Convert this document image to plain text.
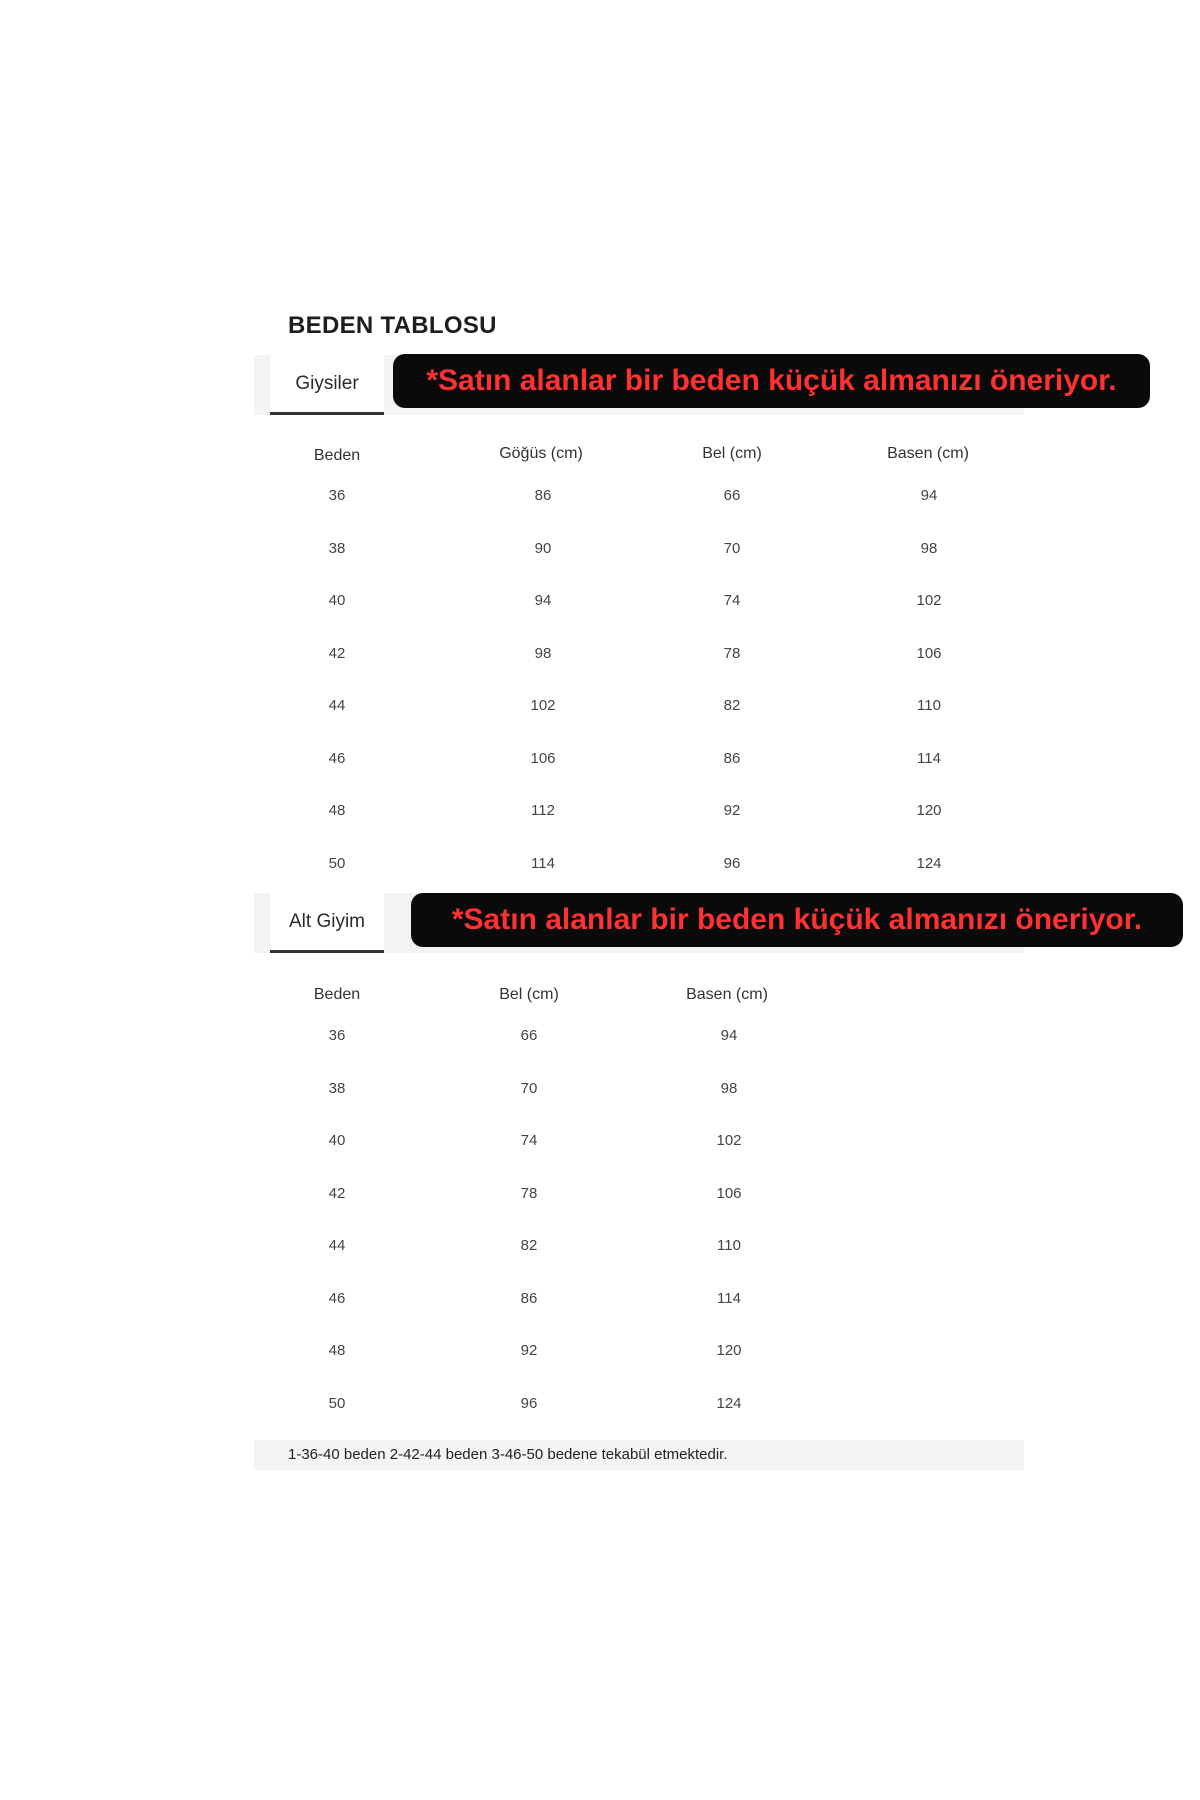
BEDEN TABLOSU
Giysiler	*Satın alanlar bir beden küçük almanızı öneriyor.
Beden	Göğüs (cm)	Bel (cm)	Basen (cm)
36	86	66	94
38	90	70	98
40	94	74	102
42	98	78	106
44	102	82	110
46	106	86	114
48	112	92	120
50	114	96	124
Alt Giyim	*Satın alanlar bir beden küçük almanızı öneriyor.
Beden	Bel (cm)	Basen (cm)
36	66	94
38	70	98
40	74	102
42	78	106
44	82	110
46	86	114
48	92	120
50	96	124
1-36-40 beden 2-42-44 beden 3-46-50 bedene tekabül etmektedir.
